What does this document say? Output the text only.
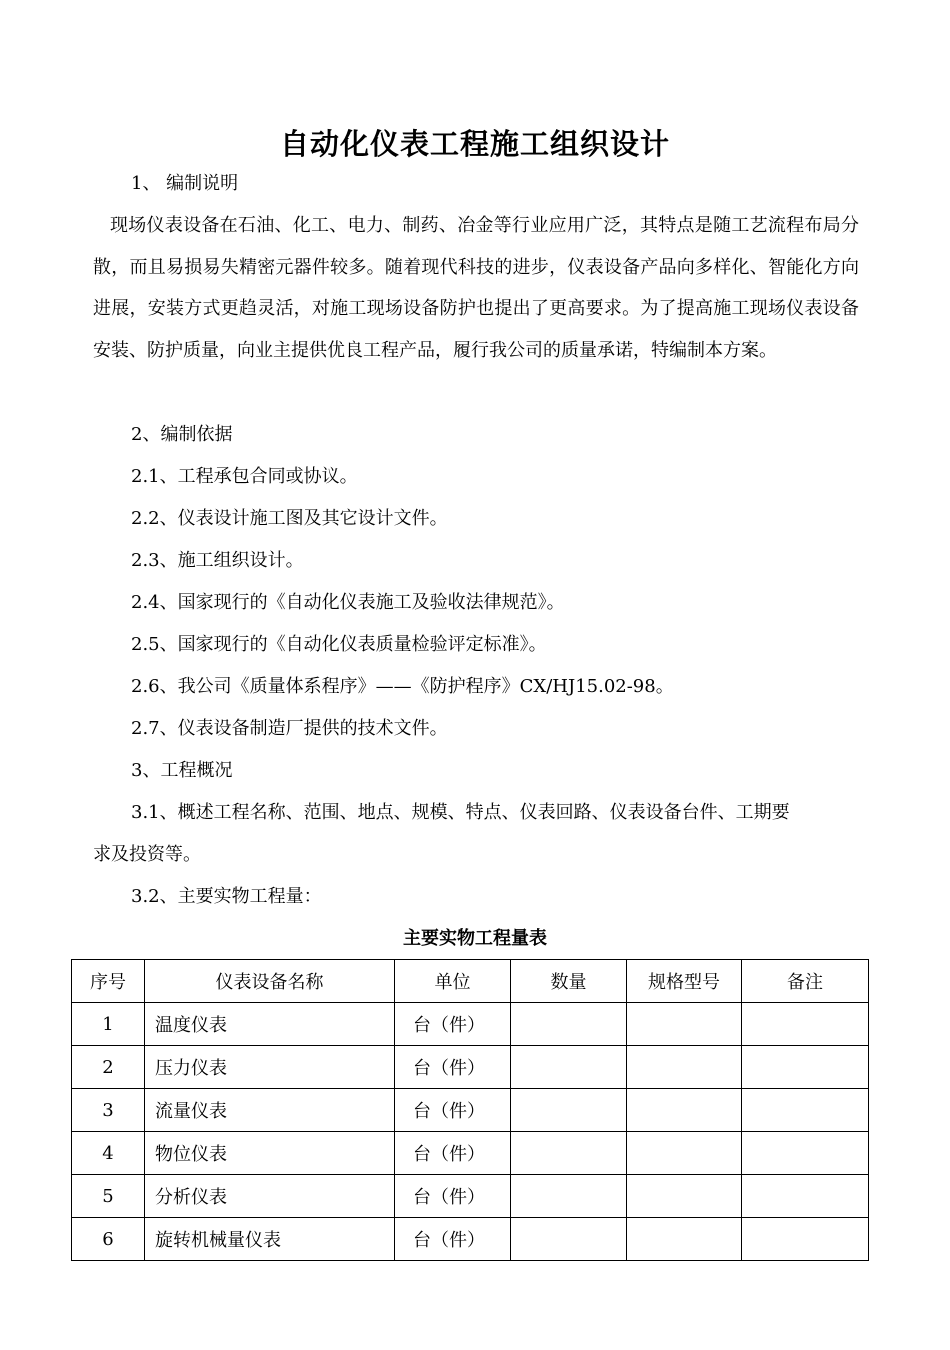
自动化仪表工程施工组织设计
1、 编制说明
现场仪表设备在石油、化工、电力、制药、冶金等行业应用广泛，其特点是随工艺流程布局分散，而且易损易失精密元器件较多。随着现代科技的进步，仪表设备产品向多样化、智能化方向进展，安装方式更趋灵活，对施工现场设备防护也提出了更高要求。为了提高施工现场仪表设备安装、防护质量，向业主提供优良工程产品，履行我公司的质量承诺，特编制本方案。
2、编制依据
2.1、工程承包合同或协议。
2.2、仪表设计施工图及其它设计文件。
2.3、施工组织设计。
2.4、国家现行的《自动化仪表施工及验收法律规范》。
2.5、国家现行的《自动化仪表质量检验评定标准》。
2.6、我公司《质量体系程序》——《防护程序》CX/HJ15.02-98。
2.7、仪表设备制造厂提供的技术文件。
3、工程概况
3.1、概述工程名称、范围、地点、规模、特点、仪表回路、仪表设备台件、工期要
求及投资等。
3.2、主要实物工程量：
主要实物工程量表
序号	仪表设备名称	单位	数量	规格型号	备注
1	温度仪表	台（件）			
2	压力仪表	台（件）			
3	流量仪表	台（件）			
4	物位仪表	台（件）			
5	分析仪表	台（件）			
6	旋转机械量仪表	台（件）			
